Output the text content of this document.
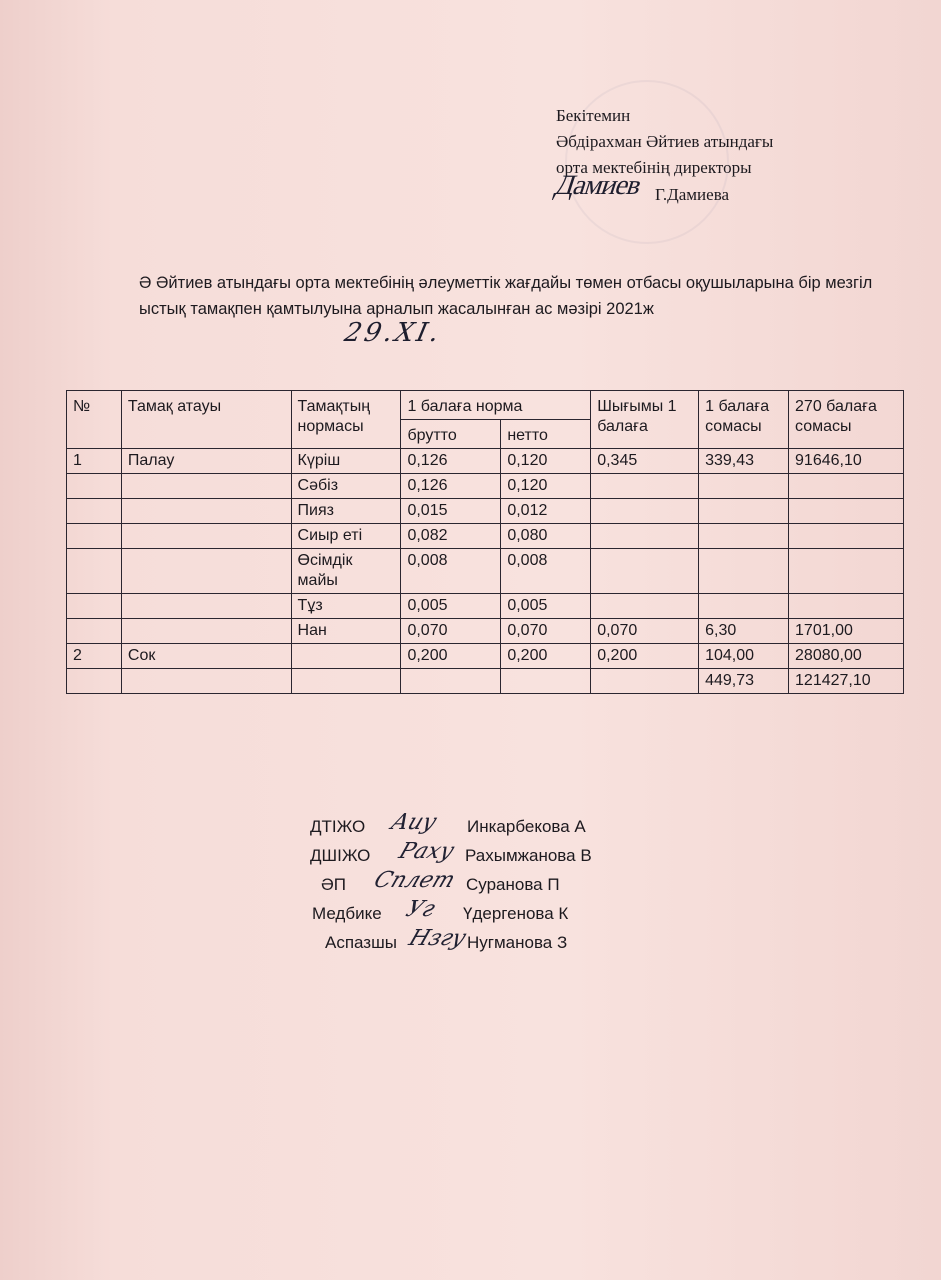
Бекітемин
Әбдірахман Әйтиев атындағы
орта мектебінің директоры
Дамиев Г.Дамиева
Ә Әйтиев атындағы орта мектебінің әлеуметтік жағдайы төмен отбасы оқушыларына бір мезгіл ыстық тамақпен қамтылуына арналып жасалынған ас мәзірі 2021ж
29.XI.
№	Тамақ атауы	Тамақтың нормасы	1 балаға норма		Шығымы 1 балаға	1 балаға сомасы	270 балаға сомасы
			брутто	нетто			
1	Палау	Күріш	0,126	0,120	0,345	339,43	91646,10
		Сәбіз	0,126	0,120			
		Пияз	0,015	0,012			
		Сиыр еті	0,082	0,080			
		Өсімдік майы	0,008	0,008			
		Тұз	0,005	0,005			
		Нан	0,070	0,070	0,070	6,30	1701,00
2	Сок		0,200	0,200	0,200	104,00	28080,00
						449,73	121427,10
ДТІЖО Аиу Инкарбекова А
ДШІЖО Раху Рахымжанова В
ӘП Сплет Суранова П
Медбике Уг Үдергенова К
Аспазшы Нзгу
Нугманова З
